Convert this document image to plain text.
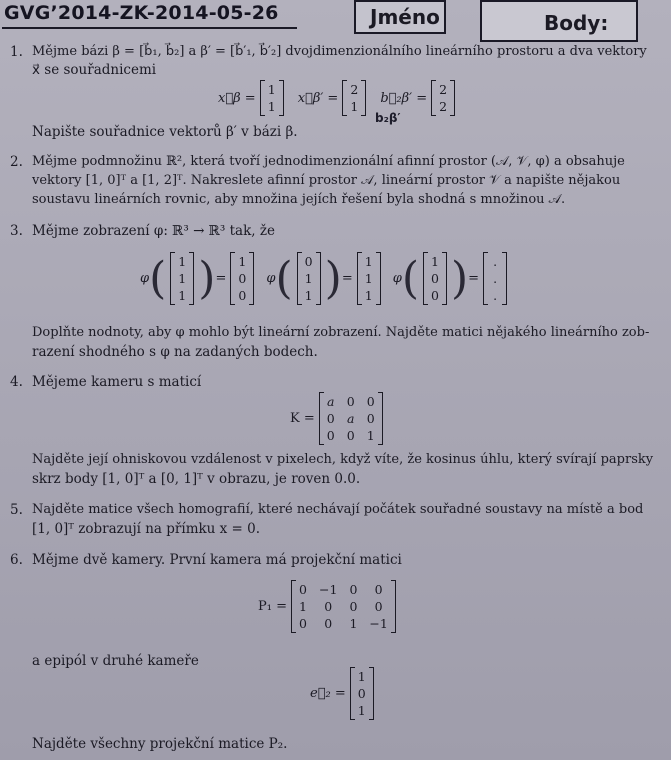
GVG’2014-ZK-2014-05-26	Jméno	Body:
1. Mějme bázi β = [b⃗₁, b⃗₂] a β′ = [b⃗′₁, b⃗′₂] dvojdimenzionálního lineárního prostoru a dva vektory
x⃗ se souřadnicemi
x⃗β =
1
1
x⃗β′ =
2
1
b⃗₂β′ =
2
2
b₂β′
Napište souřadnice vektorů β′ v bázi β.
2. Mějme podmnožinu ℝ², která tvoří jednodimenzionální afinní prostor (𝒜, 𝒱, φ) a obsahuje
vektory [1, 0]ᵀ a [1, 2]ᵀ. Nakreslete afinní prostor 𝒜, lineární prostor 𝒱 a napište nějakou
soustavu lineárních rovnic, aby množina jejích řešení byla shodná s množinou 𝒜.
3. Mějme zobrazení φ: ℝ³ → ℝ³ tak, že
φ ( 1
1
1 ) =
1
0
0
φ ( 0
1
1 ) =
1
1
1
φ ( 1
0
0 ) =
.
.
.
Doplňte nodnoty, aby φ mohlo být lineární zobrazení. Najděte matici nějakého lineárního zob-
razení shodného s φ na zadaných bodech.
4. Mějeme kameru s maticí
K =
a 0 0
0 a 0
0 0 1
Najděte její ohniskovou vzdálenost v pixelech, když víte, že kosinus úhlu, který svírají paprsky
skrz body [1, 0]ᵀ a [0, 1]ᵀ v obrazu, je roven 0.0.
5. Najděte matice všech homografií, které nechávají počátek souřadné soustavy na místě a bod
[1, 0]ᵀ zobrazují na přímku x = 0.
6. Mějme dvě kamery. První kamera má projekční matici
P₁ =
0 −1 0	0
1	0	0	0
0	0	1 −1
a epipól v druhé kameře
e⃗₂ =
1
0
1
Najděte všechny projekční matice P₂.
